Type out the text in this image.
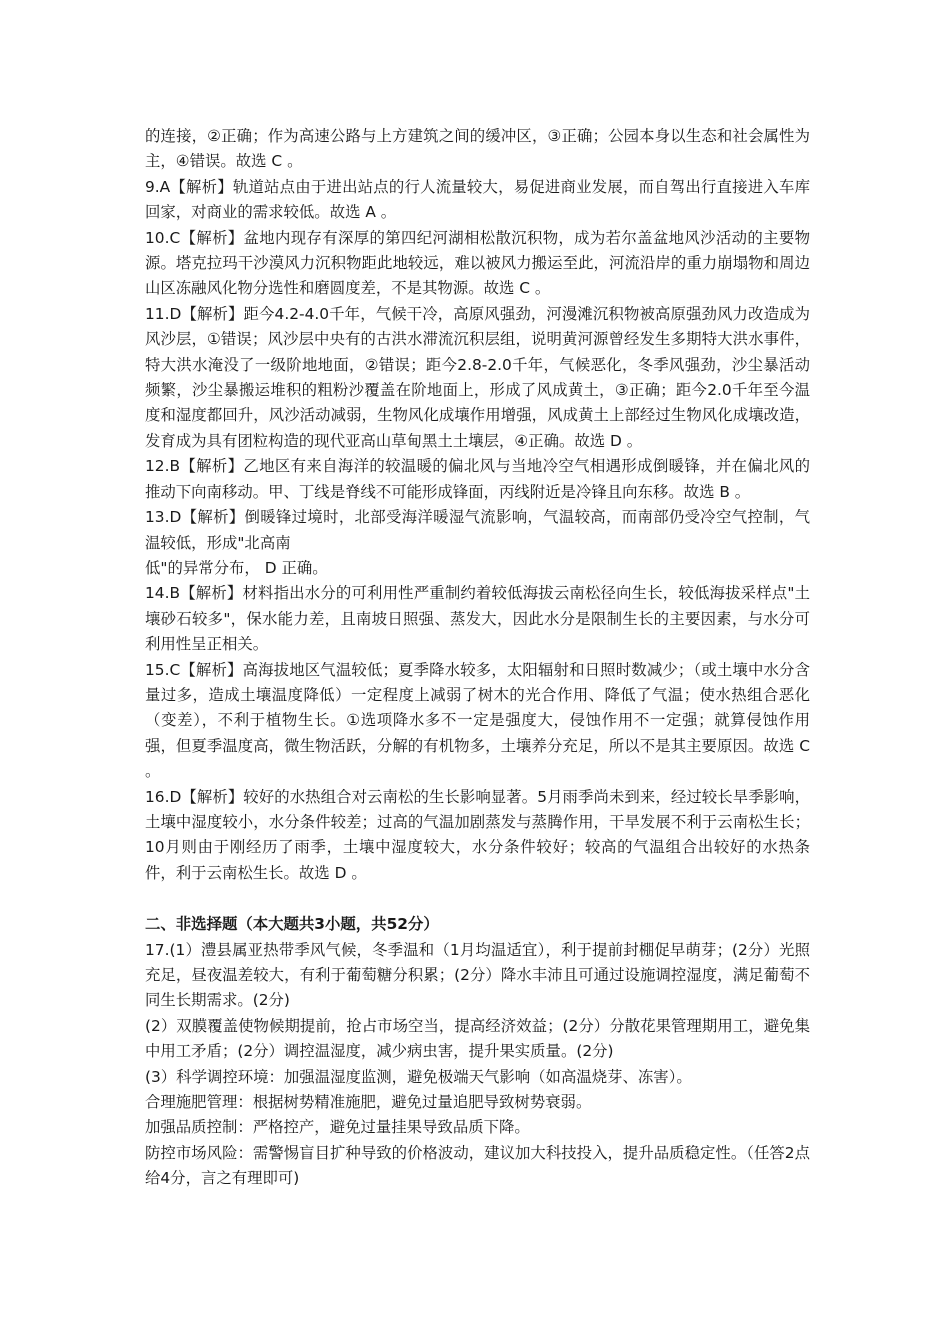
的连接，②正确；作为高速公路与上方建筑之间的缓冲区，③正确；公园本身以生态和社会属性为主，④错误。故选 C 。

9.A【解析】轨道站点由于进出站点的行人流量较大，易促进商业发展，而自驾出行直接进入车库回家，对商业的需求较低。故选 A 。

10.C【解析】盆地内现存有深厚的第四纪河湖相松散沉积物，成为若尔盖盆地风沙活动的主要物源。塔克拉玛干沙漠风力沉积物距此地较远，难以被风力搬运至此，河流沿岸的重力崩塌物和周边山区冻融风化物分选性和磨圆度差，不是其物源。故选 C 。

11.D【解析】距今4.2-4.0千年，气候干冷，高原风强劲，河漫滩沉积物被高原强劲风力改造成为风沙层，①错误；风沙层中央有的古洪水滞流沉积层组，说明黄河源曾经发生多期特大洪水事件，特大洪水淹没了一级阶地地面，②错误；距今2.8-2.0千年，气候恶化，冬季风强劲，沙尘暴活动频繁，沙尘暴搬运堆积的粗粉沙覆盖在阶地面上，形成了风成黄土，③正确；距今2.0千年至今温度和湿度都回升，风沙活动减弱，生物风化成壤作用增强，风成黄土上部经过生物风化成壤改造，发育成为具有团粒构造的现代亚高山草甸黑土土壤层，④正确。故选 D 。

12.B【解析】乙地区有来自海洋的较温暖的偏北风与当地冷空气相遇形成倒暖锋，并在偏北风的推动下向南移动。甲、丁线是脊线不可能形成锋面，丙线附近是冷锋且向东移。故选 B 。

13.D【解析】倒暖锋过境时，北部受海洋暖湿气流影响，气温较高，而南部仍受冷空气控制，气温较低，形成"北高南

低"的异常分布， D 正确。

14.B【解析】材料指出水分的可利用性严重制约着较低海拔云南松径向生长，较低海拔采样点"土壤砂石较多"，保水能力差，且南坡日照强、蒸发大，因此水分是限制生长的主要因素，与水分可利用性呈正相关。

15.C【解析】高海拔地区气温较低；夏季降水较多，太阳辐射和日照时数减少；（或土壤中水分含量过多，造成土壤温度降低）一定程度上减弱了树木的光合作用、降低了气温；使水热组合恶化（变差），不利于植物生长。①选项降水多不一定是强度大，侵蚀作用不一定强；就算侵蚀作用强，但夏季温度高，微生物活跃，分解的有机物多，土壤养分充足，所以不是其主要原因。故选 C 。

16.D【解析】较好的水热组合对云南松的生长影响显著。5月雨季尚未到来，经过较长旱季影响，土壤中湿度较小，水分条件较差；过高的气温加剧蒸发与蒸腾作用，干旱发展不利于云南松生长；10月则由于刚经历了雨季，土壤中湿度较大，水分条件较好；较高的气温组合出较好的水热条件，利于云南松生长。故选 D 。

二、非选择题（本大题共3小题，共52分）

17.(1）澧县属亚热带季风气候，冬季温和（1月均温适宜），利于提前封棚促早萌芽；(2分）光照充足，昼夜温差较大，有利于葡萄糖分积累；(2分）降水丰沛且可通过设施调控湿度，满足葡萄不同生长期需求。(2分)

(2）双膜覆盖使物候期提前，抢占市场空当，提高经济效益；(2分）分散花果管理期用工，避免集中用工矛盾；(2分）调控温湿度，减少病虫害，提升果实质量。(2分)

(3）科学调控环境：加强温湿度监测，避免极端天气影响（如高温烧芽、冻害）。

合理施肥管理：根据树势精准施肥，避免过量追肥导致树势衰弱。

加强品质控制：严格控产，避免过量挂果导致品质下降。

防控市场风险：需警惕盲目扩种导致的价格波动，建议加大科技投入，提升品质稳定性。（任答2点给4分，言之有理即可)
